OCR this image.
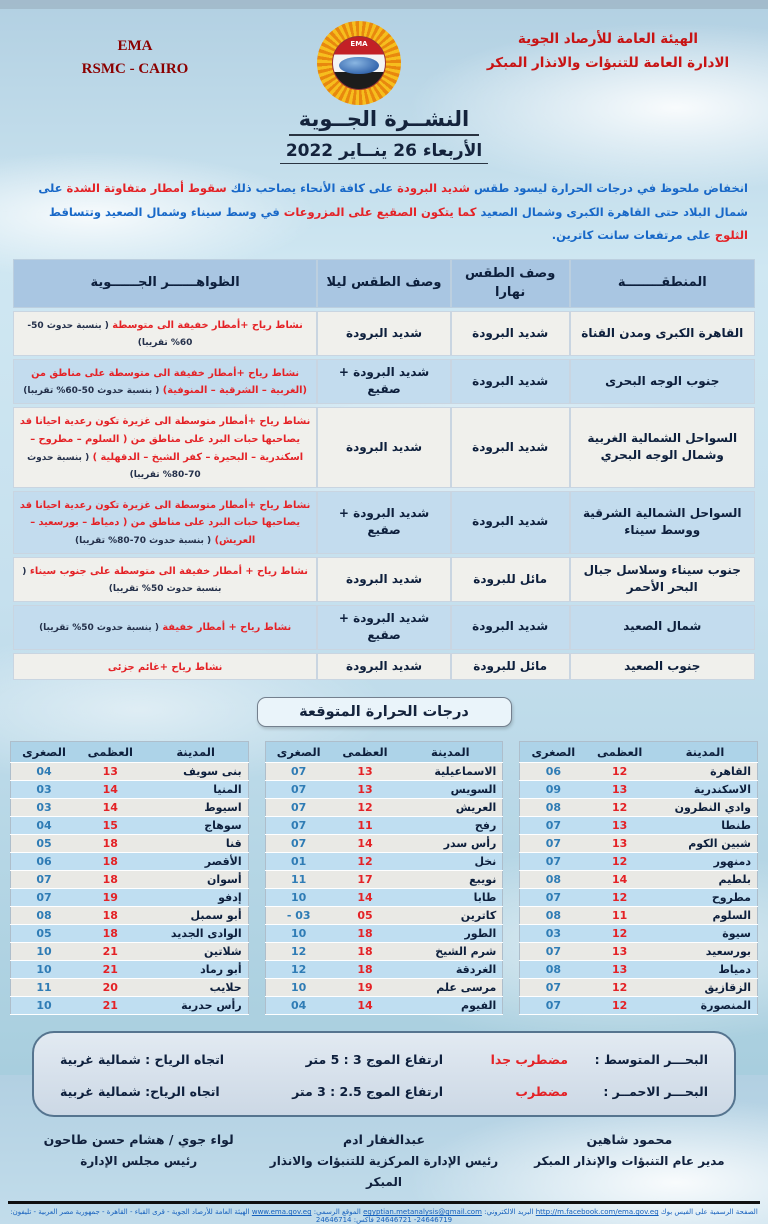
EMA
RSMC - CAIRO
EMA	الهيئة العامة للأرصاد الجوية
الادارة العامة للتنبؤات والانذار المبكر
النشــرة الجــوية
الأربعاء 26 ينــاير 2022
انخفاض ملحوظ في درجات الحرارة ليسود طقس شديد البرودة على كافة الأنحاء يصاحب ذلك سقوط أمطار متفاوتة الشدة على شمال البلاد حتى القاهرة الكبرى وشمال الصعيد كما يتكون الصقيع على المزروعات في وسط سيناء وشمال الصعيد وتتساقط الثلوج على مرتفعات سانت كاترين.
المنطقــــــــة	وصف الطقس نهارا	وصف الطقس ليلا	الظواهــــــر الجــــــوية
القاهرة الكبرى ومدن القناة	شديد البرودة	شديد البرودة	نشاط رياح +أمطار خفيفة الى متوسطة ( بنسبة حدوث 50-60% تقريبا)
جنوب الوجه البحرى	شديد البرودة	شديد البرودة + صقيع	نشاط رياح +أمطار خفيفة الى متوسطة على مناطق من (الغربية – الشرقية – المنوفية) ( بنسبة حدوث 50-60% تقريبا)
السواحل الشمالية الغربية وشمال الوجه البحري	شديد البرودة	شديد البرودة	نشاط رياح +أمطار متوسطة الى غزيرة تكون رعدية احيانا قد يصاحبها حبات البرد على مناطق من ( السلوم – مطروح – اسكندرية – البحيرة – كفر الشيخ – الدقهلية ) ( بنسبة حدوث 70-80% تقريبا)
السواحل الشمالية الشرقية ووسط سيناء	شديد البرودة	شديد البرودة + صقيع	نشاط رياح +أمطار متوسطة الى غزيرة تكون رعدية احيانا قد يصاحبها حبات البرد على مناطق من ( دمياط – بورسعيد – العريش) ( بنسبة حدوث 70-80% تقريبا)
جنوب سيناء وسلاسل جبال البحر الأحمر	مائل للبرودة	شديد البرودة	نشاط رياح + أمطار خفيفة الى متوسطة على جنوب سيناء ( بنسبة حدوث 50% تقريبا)
شمال الصعيد	شديد البرودة	شديد البرودة + صقيع	نشاط رياح + أمطار خفيفة ( بنسبة حدوث 50% تقريبا)
جنوب الصعيد	مائل للبرودة	شديد البرودة	نشاط رياح +غائم جزئى
درجات الحرارة المتوقعة
المدينة	العظمى	الصغرى
القاهرة	12	06
الاسكندرية	13	09
وادي النطرون	12	08
طنطا	13	07
شبين الكوم	13	07
دمنهور	12	07
بلطيم	14	08
مطروح	12	07
السلوم	11	08
سيوة	12	03
بورسعيد	13	07
دمياط	13	08
الزقازيق	12	07
المنصورة	12	07
المدينة	العظمى	الصغرى
الاسماعيلية	13	07
السويس	13	07
العريش	12	07
رفح	11	07
رأس سدر	14	07
نخل	12	01
نويبع	17	11
طابا	14	10
كاترين	05	- 03
الطور	18	10
شرم الشيخ	18	12
الغردقة	18	12
مرسى علم	19	10
الفيوم	14	04
المدينة	العظمى	الصغرى
بنى سويف	13	04
المنيا	14	03
اسيوط	14	03
سوهاج	15	04
قنا	18	05
الأقصر	18	06
أسوان	18	07
إدفو	19	07
أبو سمبل	18	08
الوادى الجديد	18	05
شلاتين	21	10
أبو رماد	21	10
حلايب	20	11
رأس حدربة	21	10
البحـــر المتوسط :
مضطرب جدا
ارتفاع الموج 3 : 5 متر
اتجاه الرياح : شمالية غربية
البحـــر الاحمــر :
مضطرب
ارتفاع الموج 2.5 : 3 متر
اتجاه الرياح: شمالية غربية
محمود شاهين
مدير عام التنبؤات والإنذار المبكر
عبدالغفار ادم
رئيس الإدارة المركزية للتنبؤات والانذار المبكر
لواء جوي / هشام حسن طاحون
رئيس مجلس الإدارة
الصفحة الرسمية على الفيس بوك http://m.facebook.com/ema.gov.eg البريد الالكتروني: egyptian.metanalysis@gmail.com الموقع الرسمي: www.ema.gov.eg الهيئة العامة للأرصاد الجوية - قرى القباء - القاهرة - جمهورية مصر العربية - تليفون: 24646719- 24646721 فاكس: 24646714
